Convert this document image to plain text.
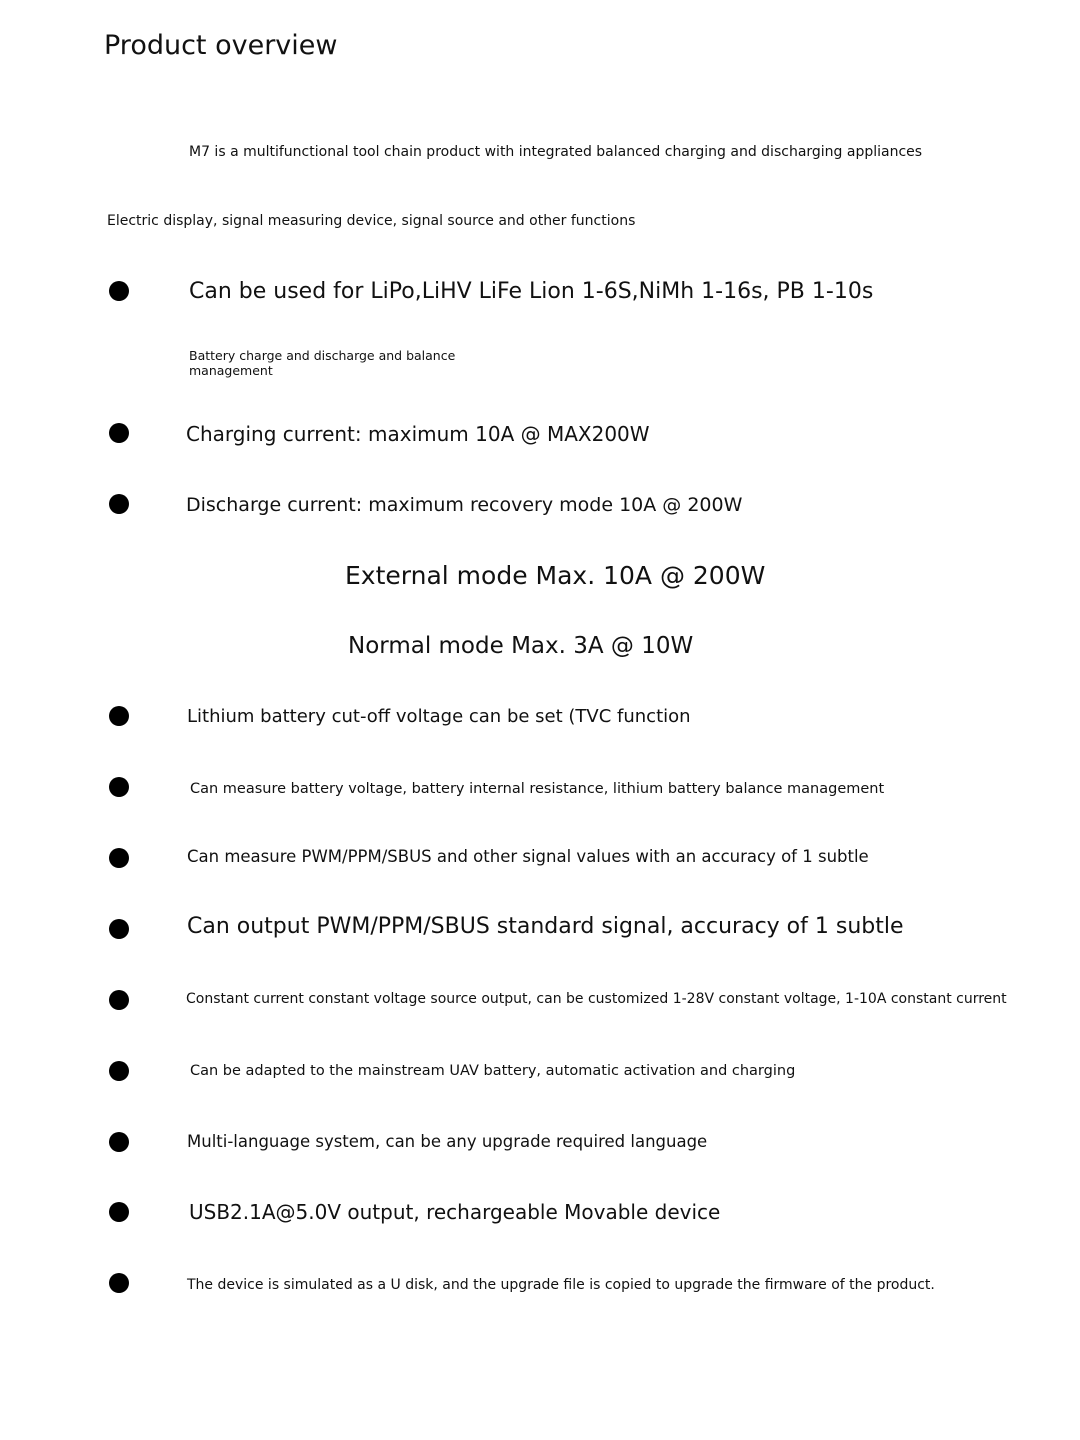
Product overview
M7 is a multifunctional tool chain product with integrated balanced charging and discharging appliances
Electric display, signal measuring device, signal source and other functions
Can be used for LiPo,LiHV LiFe Lion 1-6S,NiMh 1-16s, PB 1-10s
Battery charge and discharge and balance management
Charging current: maximum 10A @ MAX200W
Discharge current: maximum recovery mode 10A @ 200W
External mode Max. 10A @ 200W
Normal mode Max. 3A @ 10W
Lithium battery cut-off voltage can be set (TVC function
Can measure battery voltage, battery internal resistance, lithium battery balance management
Can measure PWM/PPM/SBUS and other signal values with an accuracy of 1 subtle
Can output PWM/PPM/SBUS standard signal, accuracy of 1 subtle
Constant current constant voltage source output, can be customized 1-28V constant voltage, 1-10A constant current
Can be adapted to the mainstream UAV battery, automatic activation and charging
Multi-language system, can be any upgrade required language
USB2.1A@5.0V output, rechargeable Movable device
The device is simulated as a U disk, and the upgrade file is copied to upgrade the firmware of the product.
